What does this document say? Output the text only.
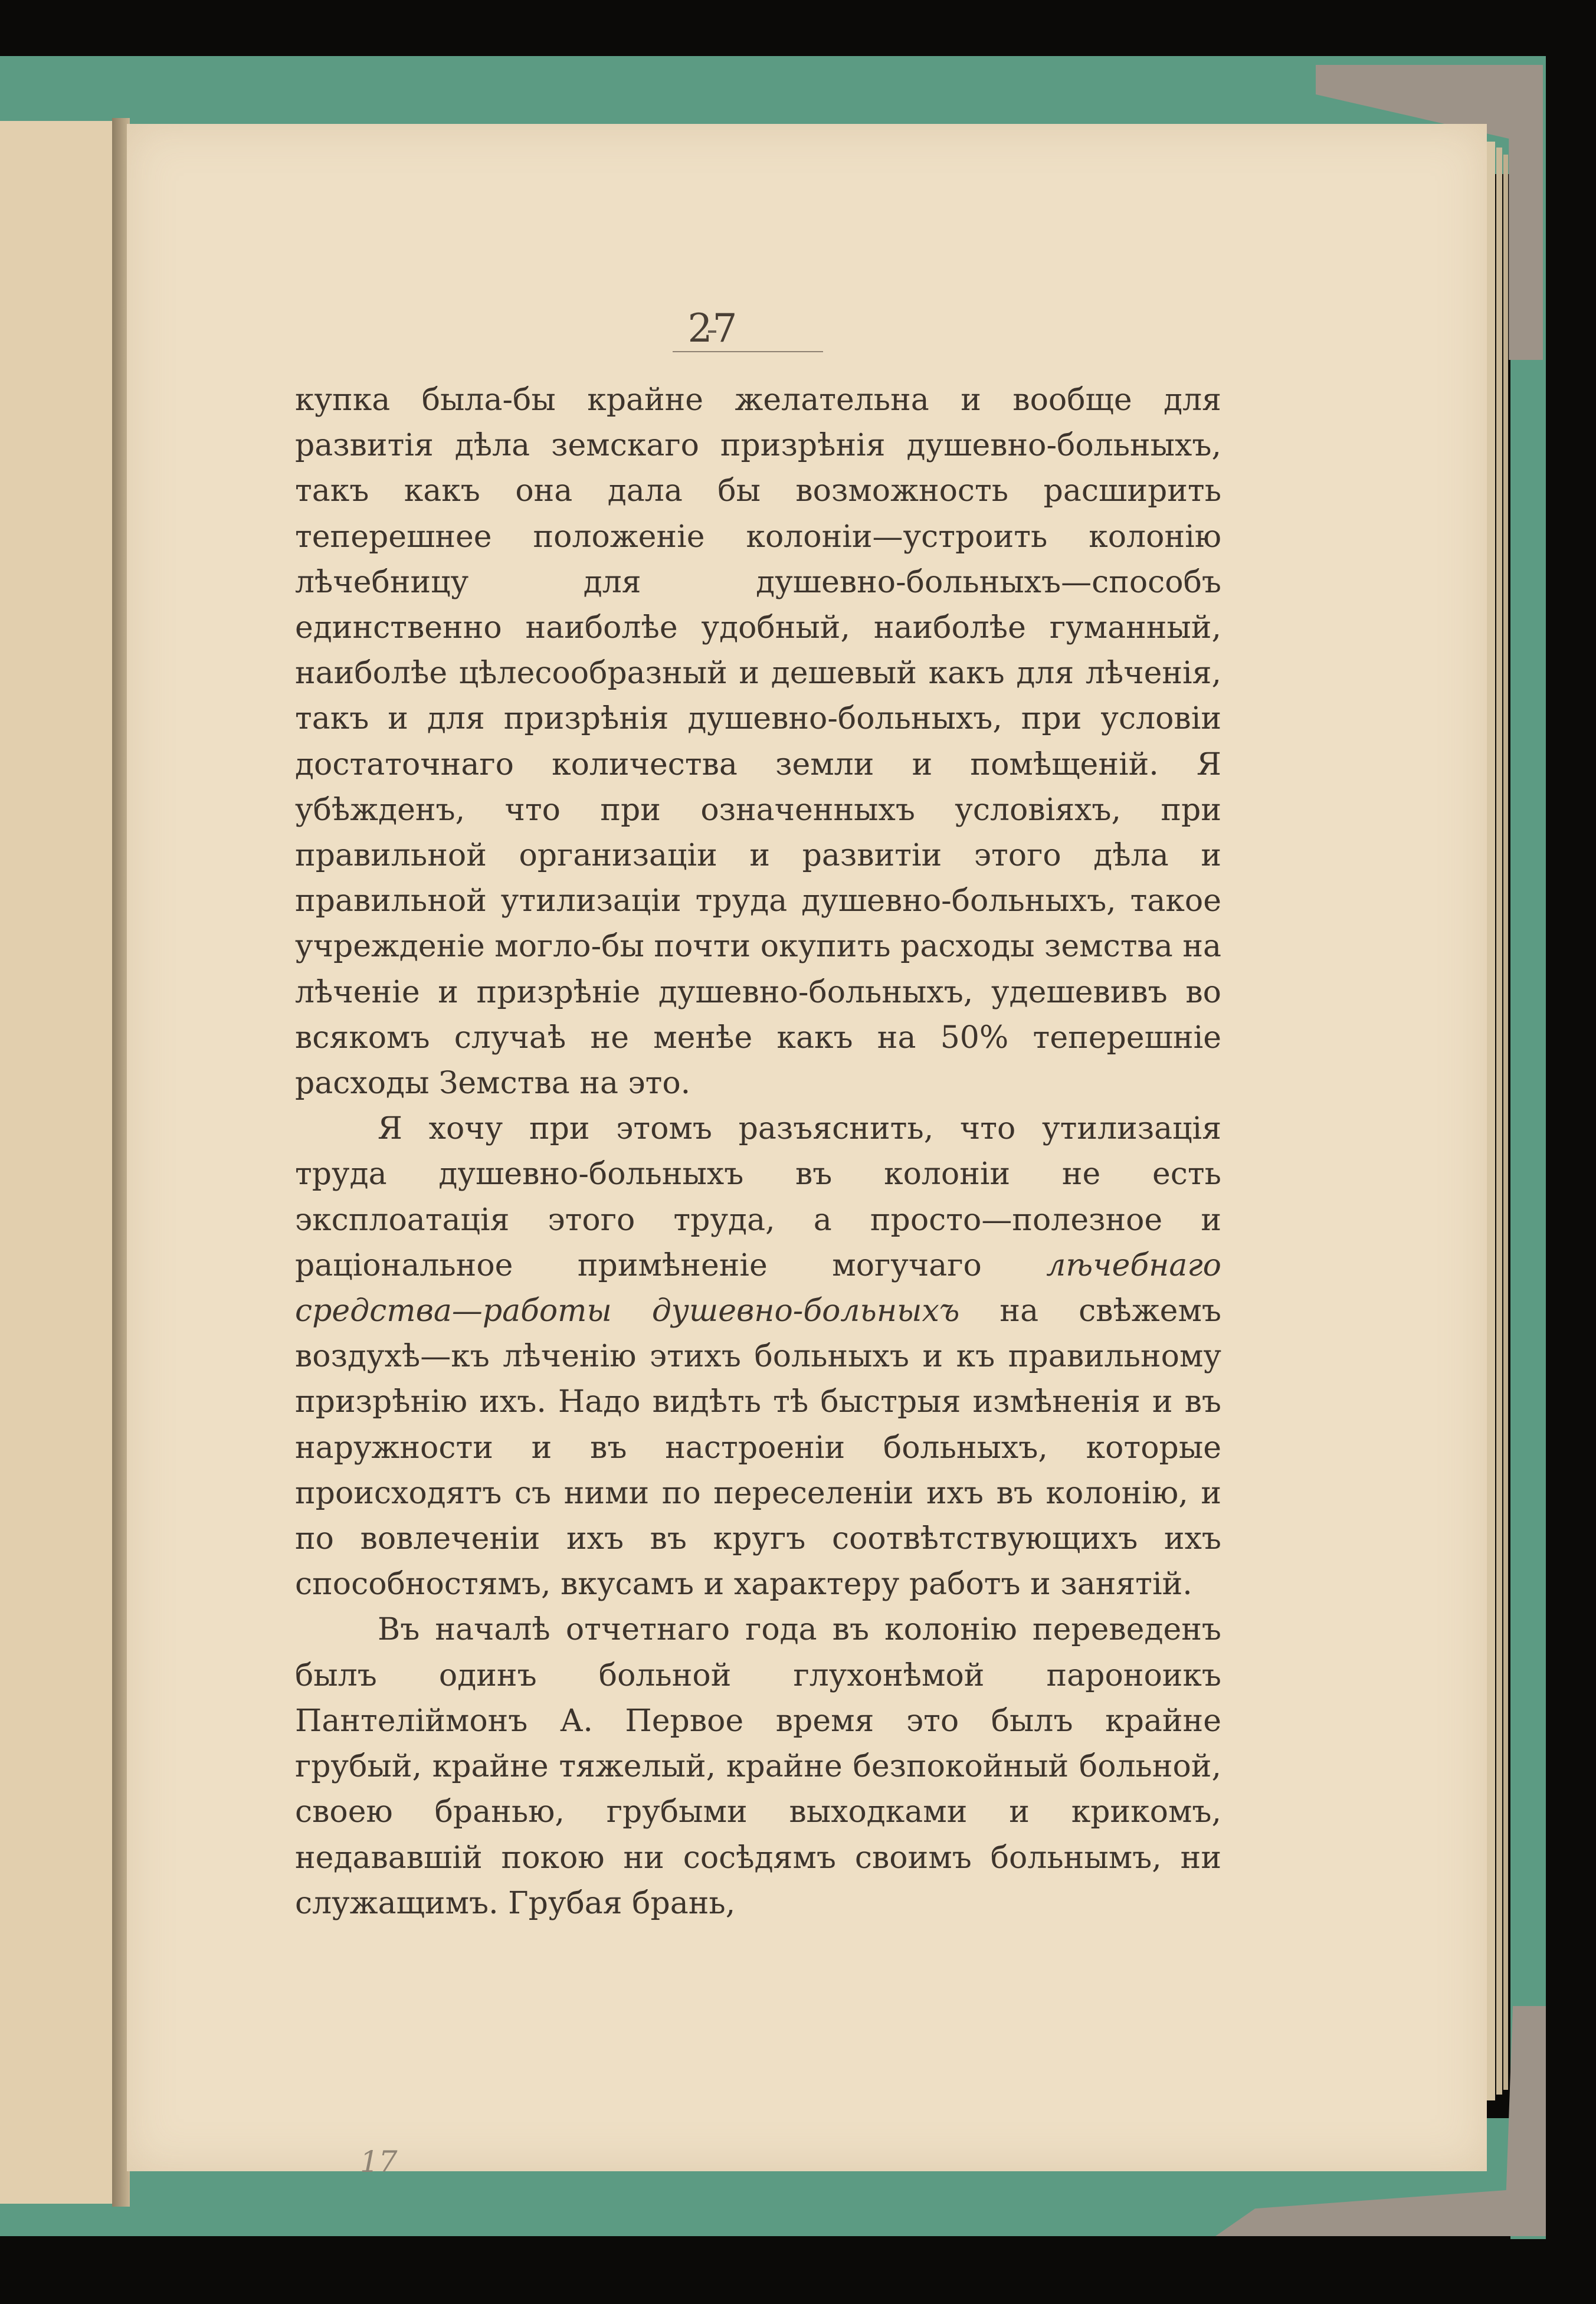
27

купка была-бы крайне желательна и вообще для развитія дѣла земскаго призрѣнія душевно-больныхъ, такъ какъ она дала бы возможность расширить теперешнее положеніе колоніи—устроить колонію лѣчебницу для душевно-больныхъ—способъ единственно наиболѣе удобный, наиболѣе гуманный, наиболѣе цѣлесообразный и дешевый какъ для лѣченія, такъ и для призрѣнія душевно-больныхъ, при условіи достаточнаго количества земли и помѣщеній. Я убѣжденъ, что при означенныхъ условіяхъ, при правильной организаціи и развитіи этого дѣла и правильной утилизаціи труда душевно-больныхъ, такое учрежденіе могло-бы почти окупить расходы земства на лѣченіе и призрѣніе душевно-больныхъ, удешевивъ во всякомъ случаѣ не менѣе какъ на 50% теперешніе расходы Земства на это.

Я хочу при этомъ разъяснить, что утилизація труда душевно-больныхъ въ колоніи не есть эксплоатація этого труда, а просто—полезное и раціональное примѣненіе могучаго лѣчебнаго средства—работы душевно-больныхъ на свѣжемъ воздухѣ—къ лѣченію этихъ больныхъ и къ правильному призрѣнію ихъ. Надо видѣть тѣ быстрыя измѣненія и въ наружности и въ настроеніи больныхъ, которые происходятъ съ ними по переселеніи ихъ въ колонію, и по вовлеченіи ихъ въ кругъ соотвѣтствующихъ ихъ способностямъ, вкусамъ и характеру работъ и занятій.

Въ началѣ отчетнаго года въ колонію переведенъ былъ одинъ больной глухонѣмой паронoикъ Пантеліймонъ А. Первое время это былъ крайне грубый, крайне тяжелый, крайне безпокойный больной, своею бранью, грубыми выходками и крикомъ, недававшій покою ни сосѣдямъ своимъ больнымъ, ни служащимъ. Грубая брань,

17
